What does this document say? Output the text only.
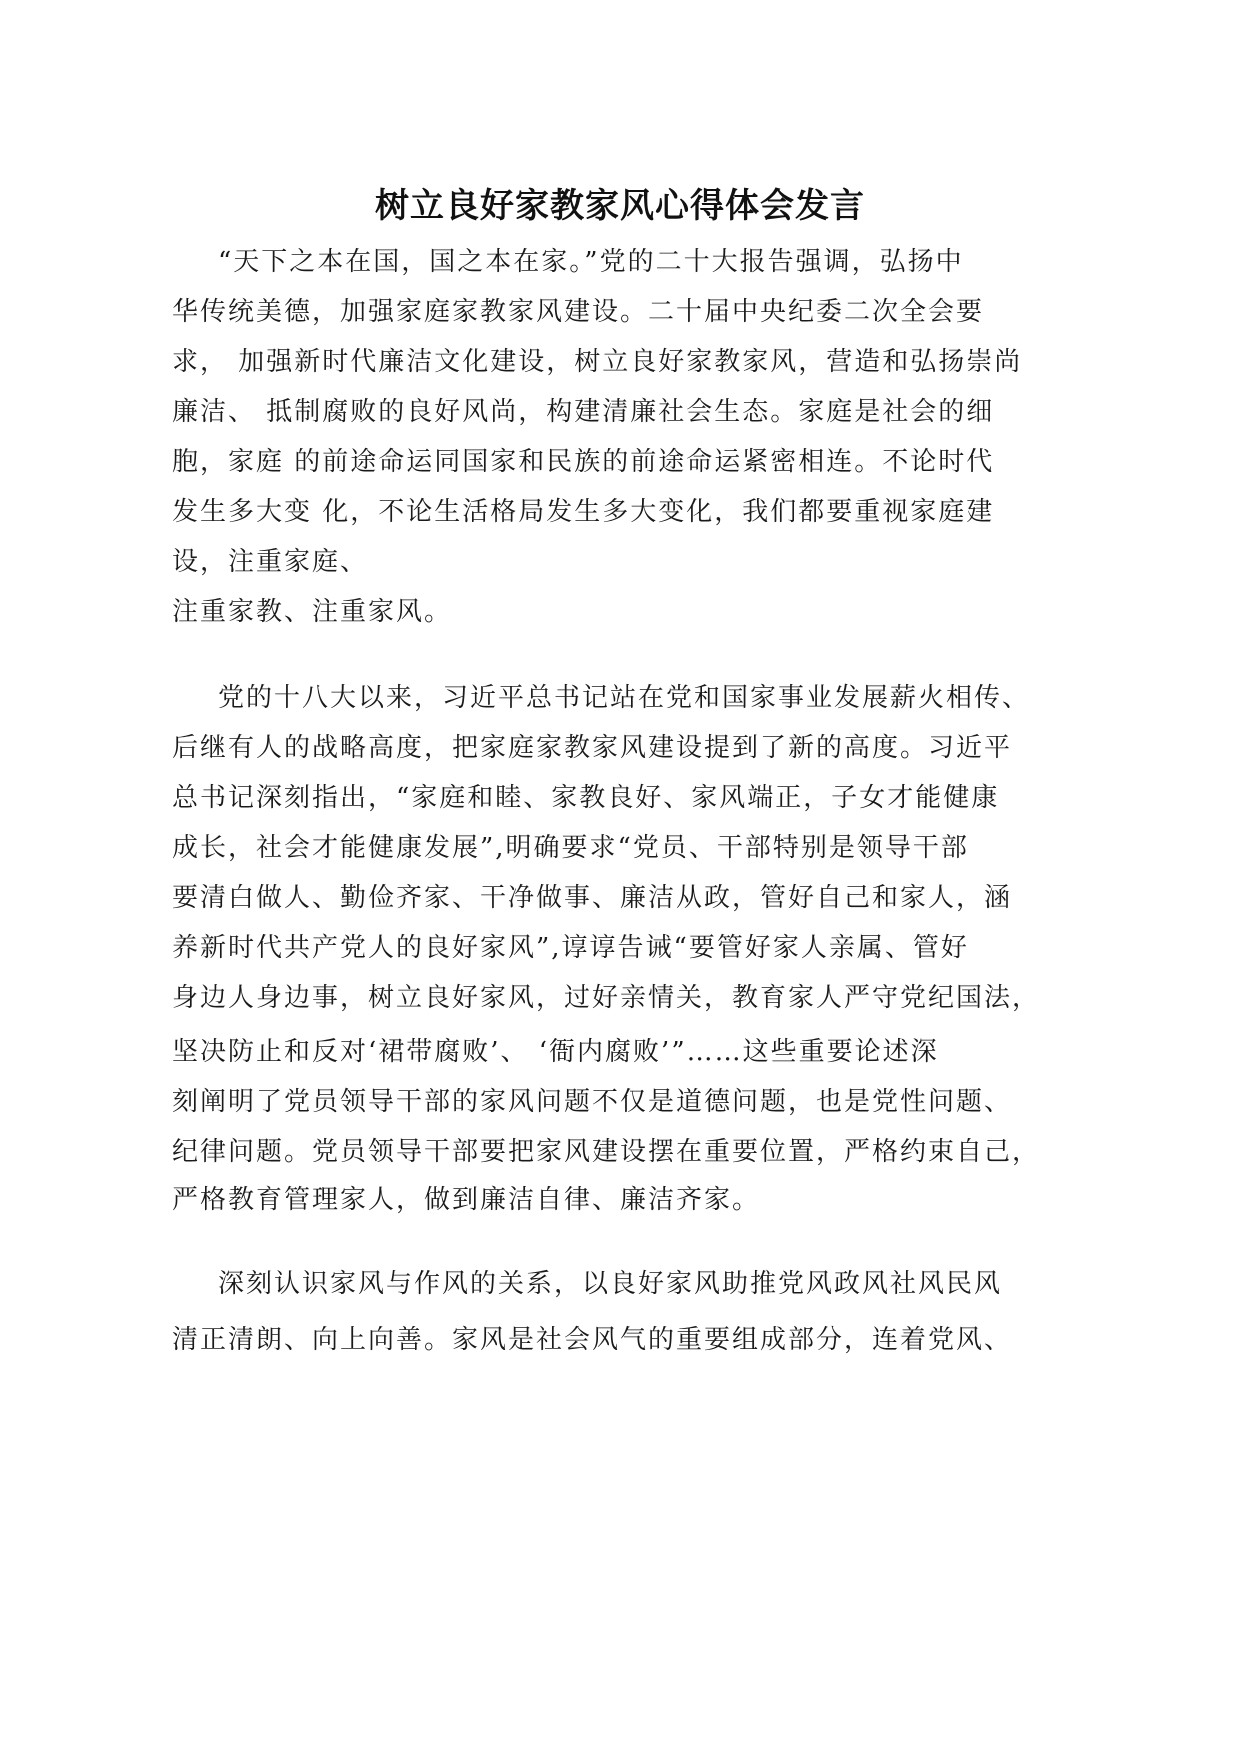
树立良好家教家风心得体会发言
“天下之本在国，国之本在家。”党的二十大报告强调，弘扬中
华传统美德，加强家庭家教家风建设。二十届中央纪委二次全会要
求， 加强新时代廉洁文化建设，树立良好家教家风，营造和弘扬崇尚
廉洁、 抵制腐败的良好风尚，构建清廉社会生态。家庭是社会的细
胞，家庭 的前途命运同国家和民族的前途命运紧密相连。不论时代
发生多大变 化，不论生活格局发生多大变化，我们都要重视家庭建
设，注重家庭、
注重家教、注重家风。
党的十八大以来，习近平总书记站在党和国家事业发展薪火相传、
后继有人的战略高度，把家庭家教家风建设提到了新的高度。习近平
总书记深刻指出，“家庭和睦、家教良好、家风端正，子女才能健康
成长，社会才能健康发展”,明确要求“党员、干部特别是领导干部
要清白做人、勤俭齐家、干净做事、廉洁从政，管好自己和家人，涵
养新时代共产党人的良好家风”,谆谆告诫“要管好家人亲属、管好
身边人身边事，树立良好家风，过好亲情关，教育家人严守党纪国法，
坚决防止和反对‘裙带腐败’、 ‘衙内腐败’”……这些重要论述深
刻阐明了党员领导干部的家风问题不仅是道德问题，也是党性问题、
纪律问题。党员领导干部要把家风建设摆在重要位置，严格约束自己，
严格教育管理家人，做到廉洁自律、廉洁齐家。
深刻认识家风与作风的关系，以良好家风助推党风政风社风民风
清正清朗、向上向善。家风是社会风气的重要组成部分，连着党风、
